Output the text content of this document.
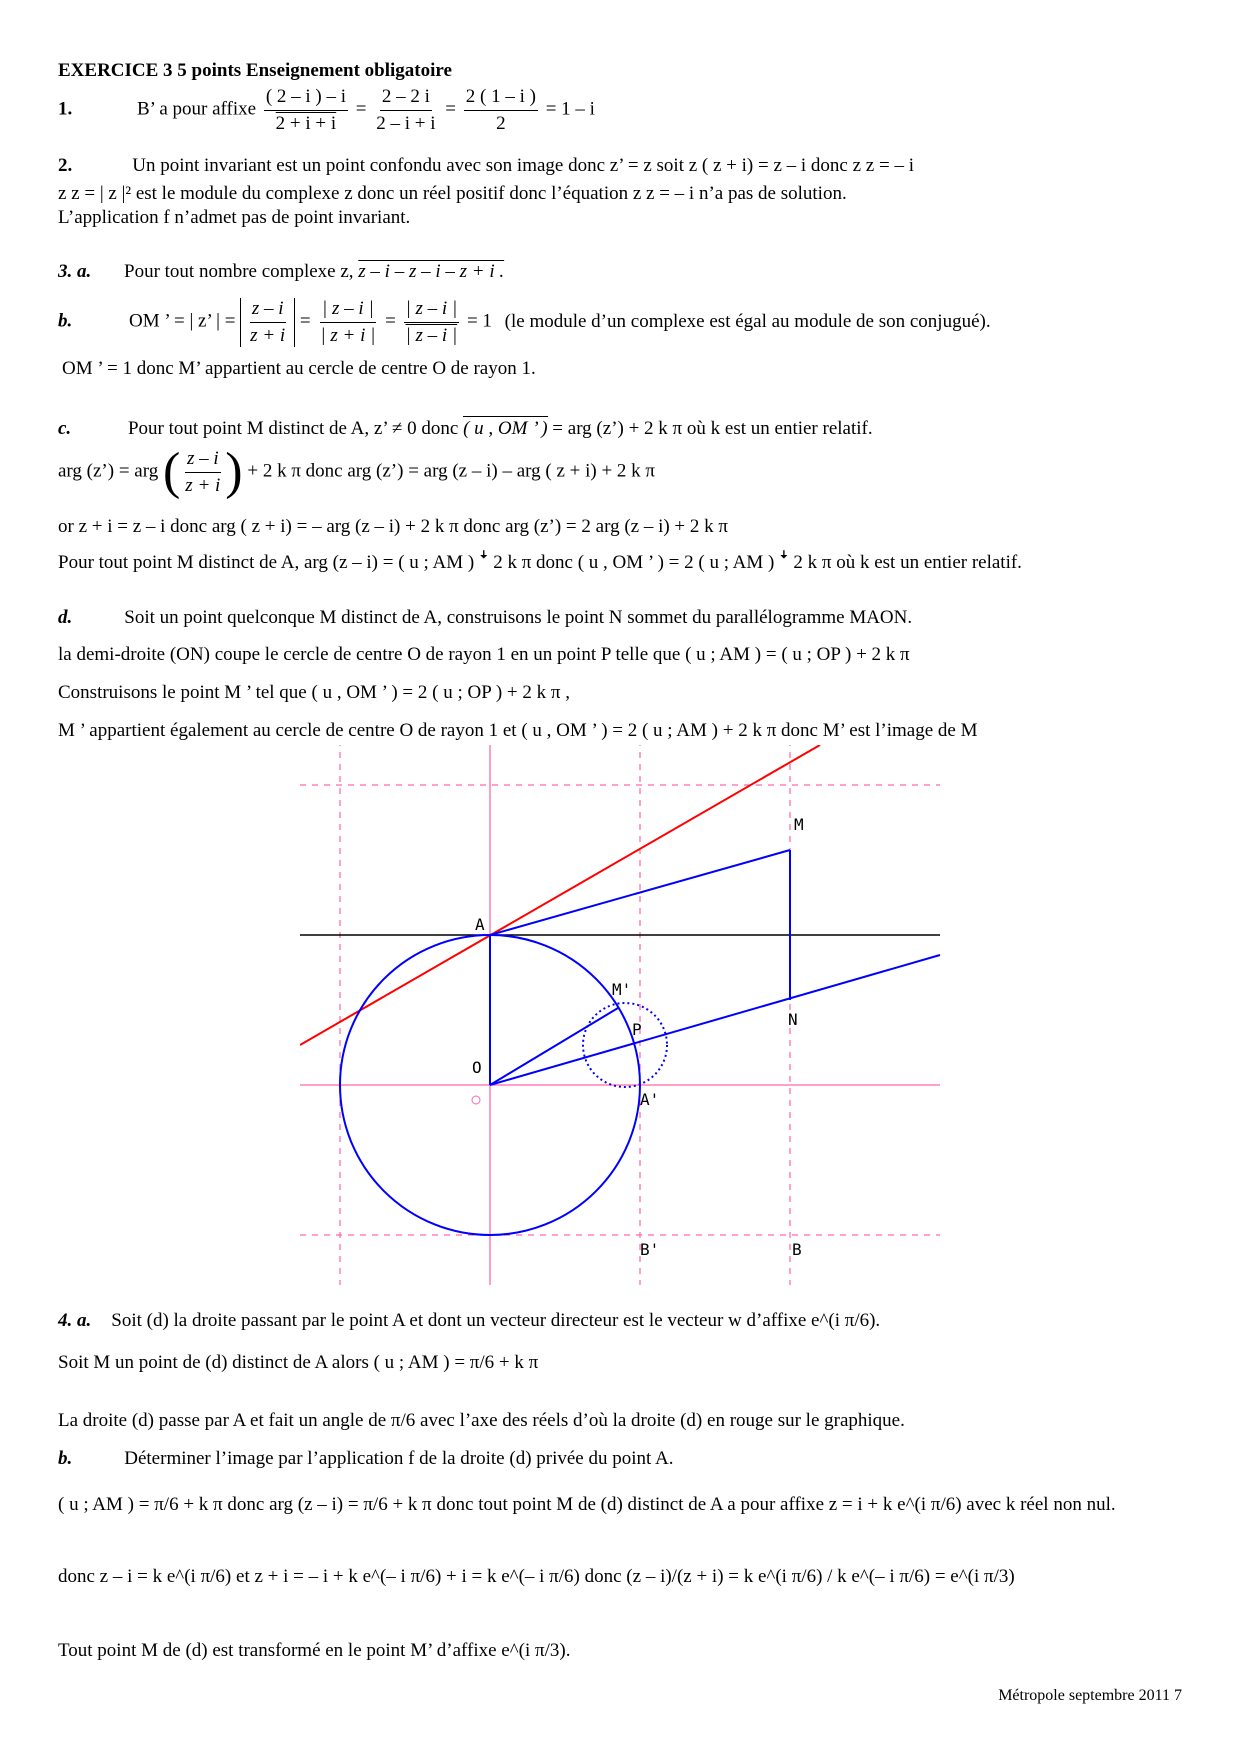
EXERCICE 3 5 points Enseignement obligatoire
1.	B’ a pour affixe $\frac{( 2 - i ) - i}{2 + i + i} = \frac{2 - 2 i}{2 - i + i} = \frac{2 ( 1 - i )}{2} = 1 - i$
2.	Un point invariant est un point confondu avec son image donc z’ = z soit z ( z + i) = z – i donc z z = – i
z z = | z |² est le module du complexe z donc un réel positif donc l’équation z z = – i n’a pas de solution.
L’application f n’admet pas de point invariant.
3. a. Pour tout nombre complexe z, z – i – z – i – z + i .
b.	OM ’ = | z’ | = $\frac{z - i}{z + i} = \frac{| z - i |}{| z + i |} = \frac{| z - i |}{| z - i |} = 1$ (le module d’un complexe est égal au module de son conjugué).
OM ’ = 1 donc M’ appartient au cercle de centre O de rayon 1.
c.	Pour tout point M distinct de A, z’ ≠ 0 donc ( u , OM ’ ) = arg (z’) + 2 k π où k est un entier relatif.
arg (z’) = arg ( $\frac{z - i}{z + i}$ ) + 2 k π donc arg (z’) = arg (z – i) – arg ( z + i) + 2 k π
or z + i = z – i donc arg ( z + i) = – arg (z – i) + 2 k π donc arg (z’) = 2 arg (z – i) + 2 k π
Pour tout point M distinct de A, arg (z – i) = ( u ; AM ) ꜜ 2 k π donc ( u , OM ’ ) = 2 ( u ; AM ) ꜜ 2 k π où k est un entier relatif.
d.	Soit un point quelconque M distinct de A, construisons le point N sommet du parallélogramme MAON.
la demi-droite (ON) coupe le cercle de centre O de rayon 1 en un point P telle que ( u ; AM ) = ( u ; OP ) + 2 k π
Construisons le point M ’ tel que ( u , OM ’ ) = 2 ( u ; OP ) + 2 k π ,
M ’ appartient également au cercle de centre O de rayon 1 et ( u , OM ’ ) = 2 ( u ; AM ) + 2 k π donc M’ est l’image de M
A
M
N
M'
P
O
A'
B'	B
4. a. Soit (d) la droite passant par le point A et dont un vecteur directeur est le vecteur w d’affixe e^(i π/6).
Soit M un point de (d) distinct de A alors ( u ; AM ) = π/6 + k π
La droite (d) passe par A et fait un angle de π/6 avec l’axe des réels d’où la droite (d) en rouge sur le graphique.
b.	Déterminer l’image par l’application f de la droite (d) privée du point A.
( u ; AM ) = π/6 + k π donc arg (z – i) = π/6 + k π donc tout point M de (d) distinct de A a pour affixe z = i + k e^(i π/6) avec k réel non nul.
donc z – i = k e^(i π/6) et z + i = – i + k e^(– i π/6) + i = k e^(– i π/6) donc (z – i)/(z + i) = k e^(i π/6) / k e^(– i π/6) = e^(i π/3)
Tout point M de (d) est transformé en le point M’ d’affixe e^(i π/3).
Métropole septembre 2011 7
